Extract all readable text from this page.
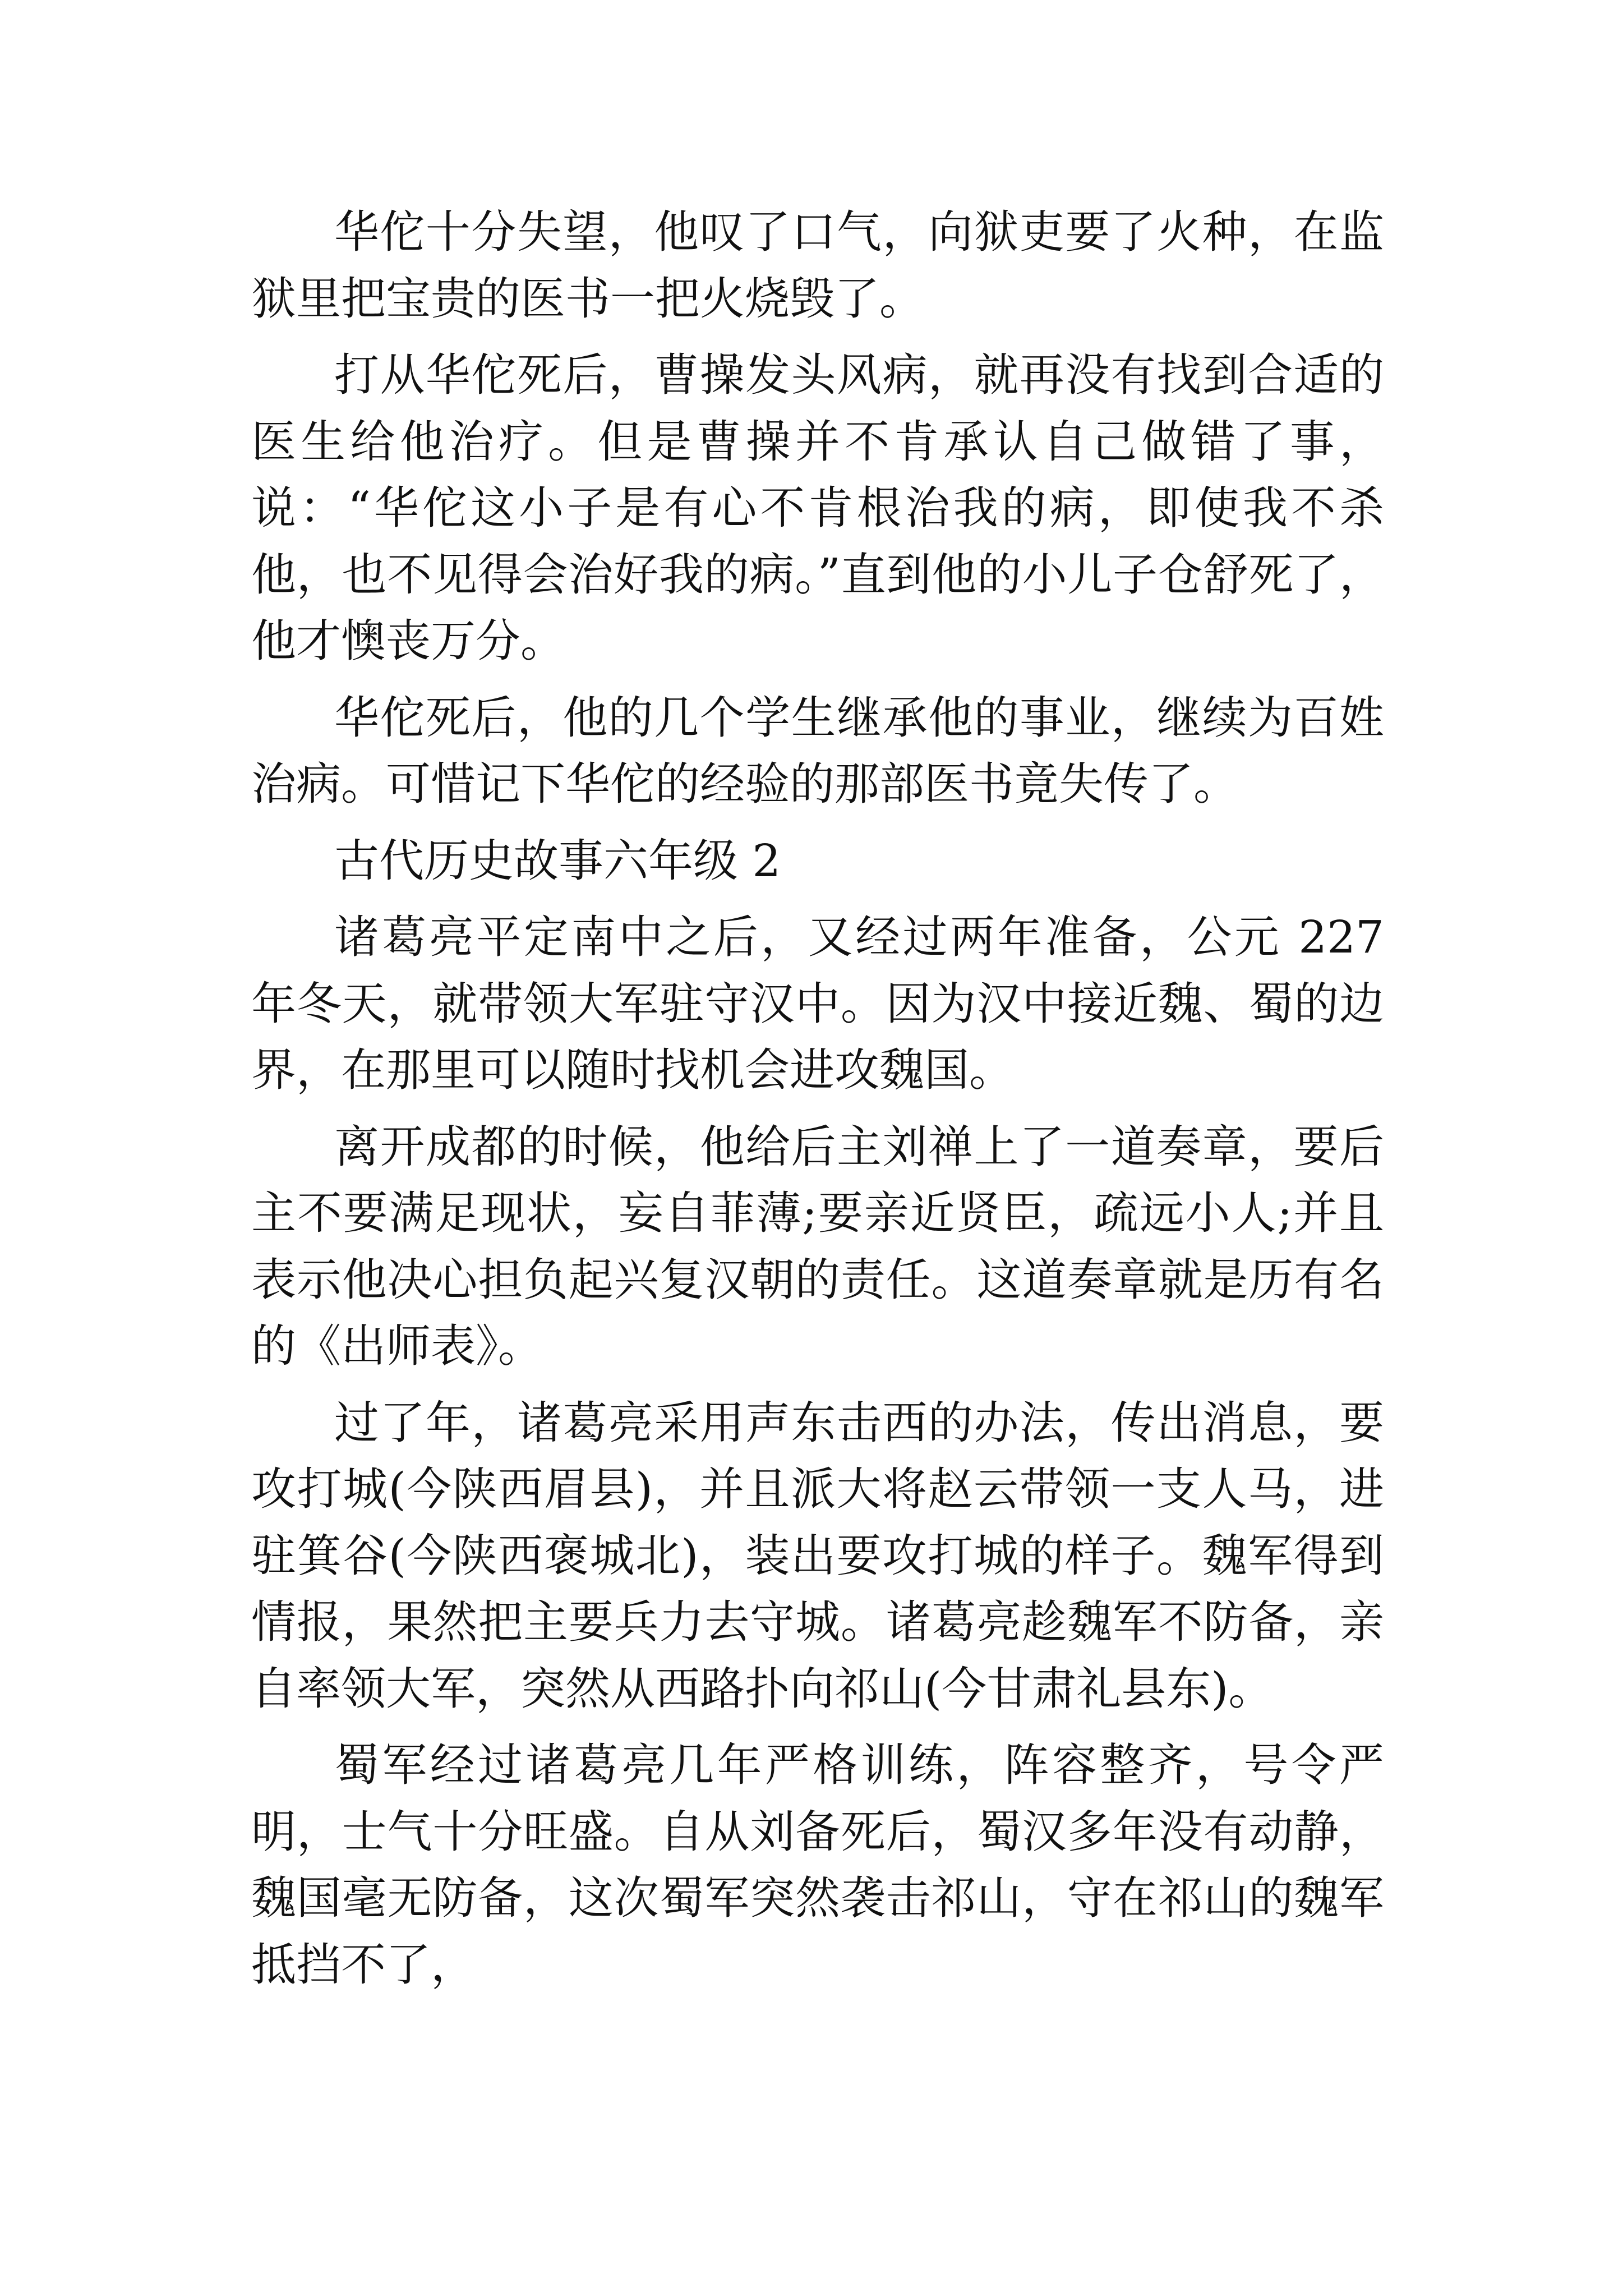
华佗十分失望，他叹了口气，向狱吏要了火种，在监狱里把宝贵的医书一把火烧毁了。

打从华佗死后，曹操发头风病，就再没有找到合适的医生给他治疗。但是曹操并不肯承认自己做错了事，说：“华佗这小子是有心不肯根治我的病，即使我不杀他，也不见得会治好我的病。”直到他的小儿子仓舒死了，他才懊丧万分。

华佗死后，他的几个学生继承他的事业，继续为百姓治病。可惜记下华佗的经验的那部医书竟失传了。

古代历史故事六年级 2

诸葛亮平定南中之后，又经过两年准备，公元 227 年冬天，就带领大军驻守汉中。因为汉中接近魏、蜀的边界，在那里可以随时找机会进攻魏国。

离开成都的时候，他给后主刘禅上了一道奏章，要后主不要满足现状，妄自菲薄;要亲近贤臣，疏远小人;并且表示他决心担负起兴复汉朝的责任。这道奏章就是历有名的《出师表》。

过了年，诸葛亮采用声东击西的办法，传出消息，要攻打城(今陕西眉县)，并且派大将赵云带领一支人马，进驻箕谷(今陕西褒城北)，装出要攻打城的样子。魏军得到情报，果然把主要兵力去守城。诸葛亮趁魏军不防备，亲自率领大军，突然从西路扑向祁山(今甘肃礼县东)。

蜀军经过诸葛亮几年严格训练，阵容整齐，号令严明，士气十分旺盛。自从刘备死后，蜀汉多年没有动静，魏国毫无防备，这次蜀军突然袭击祁山，守在祁山的魏军抵挡不了，
